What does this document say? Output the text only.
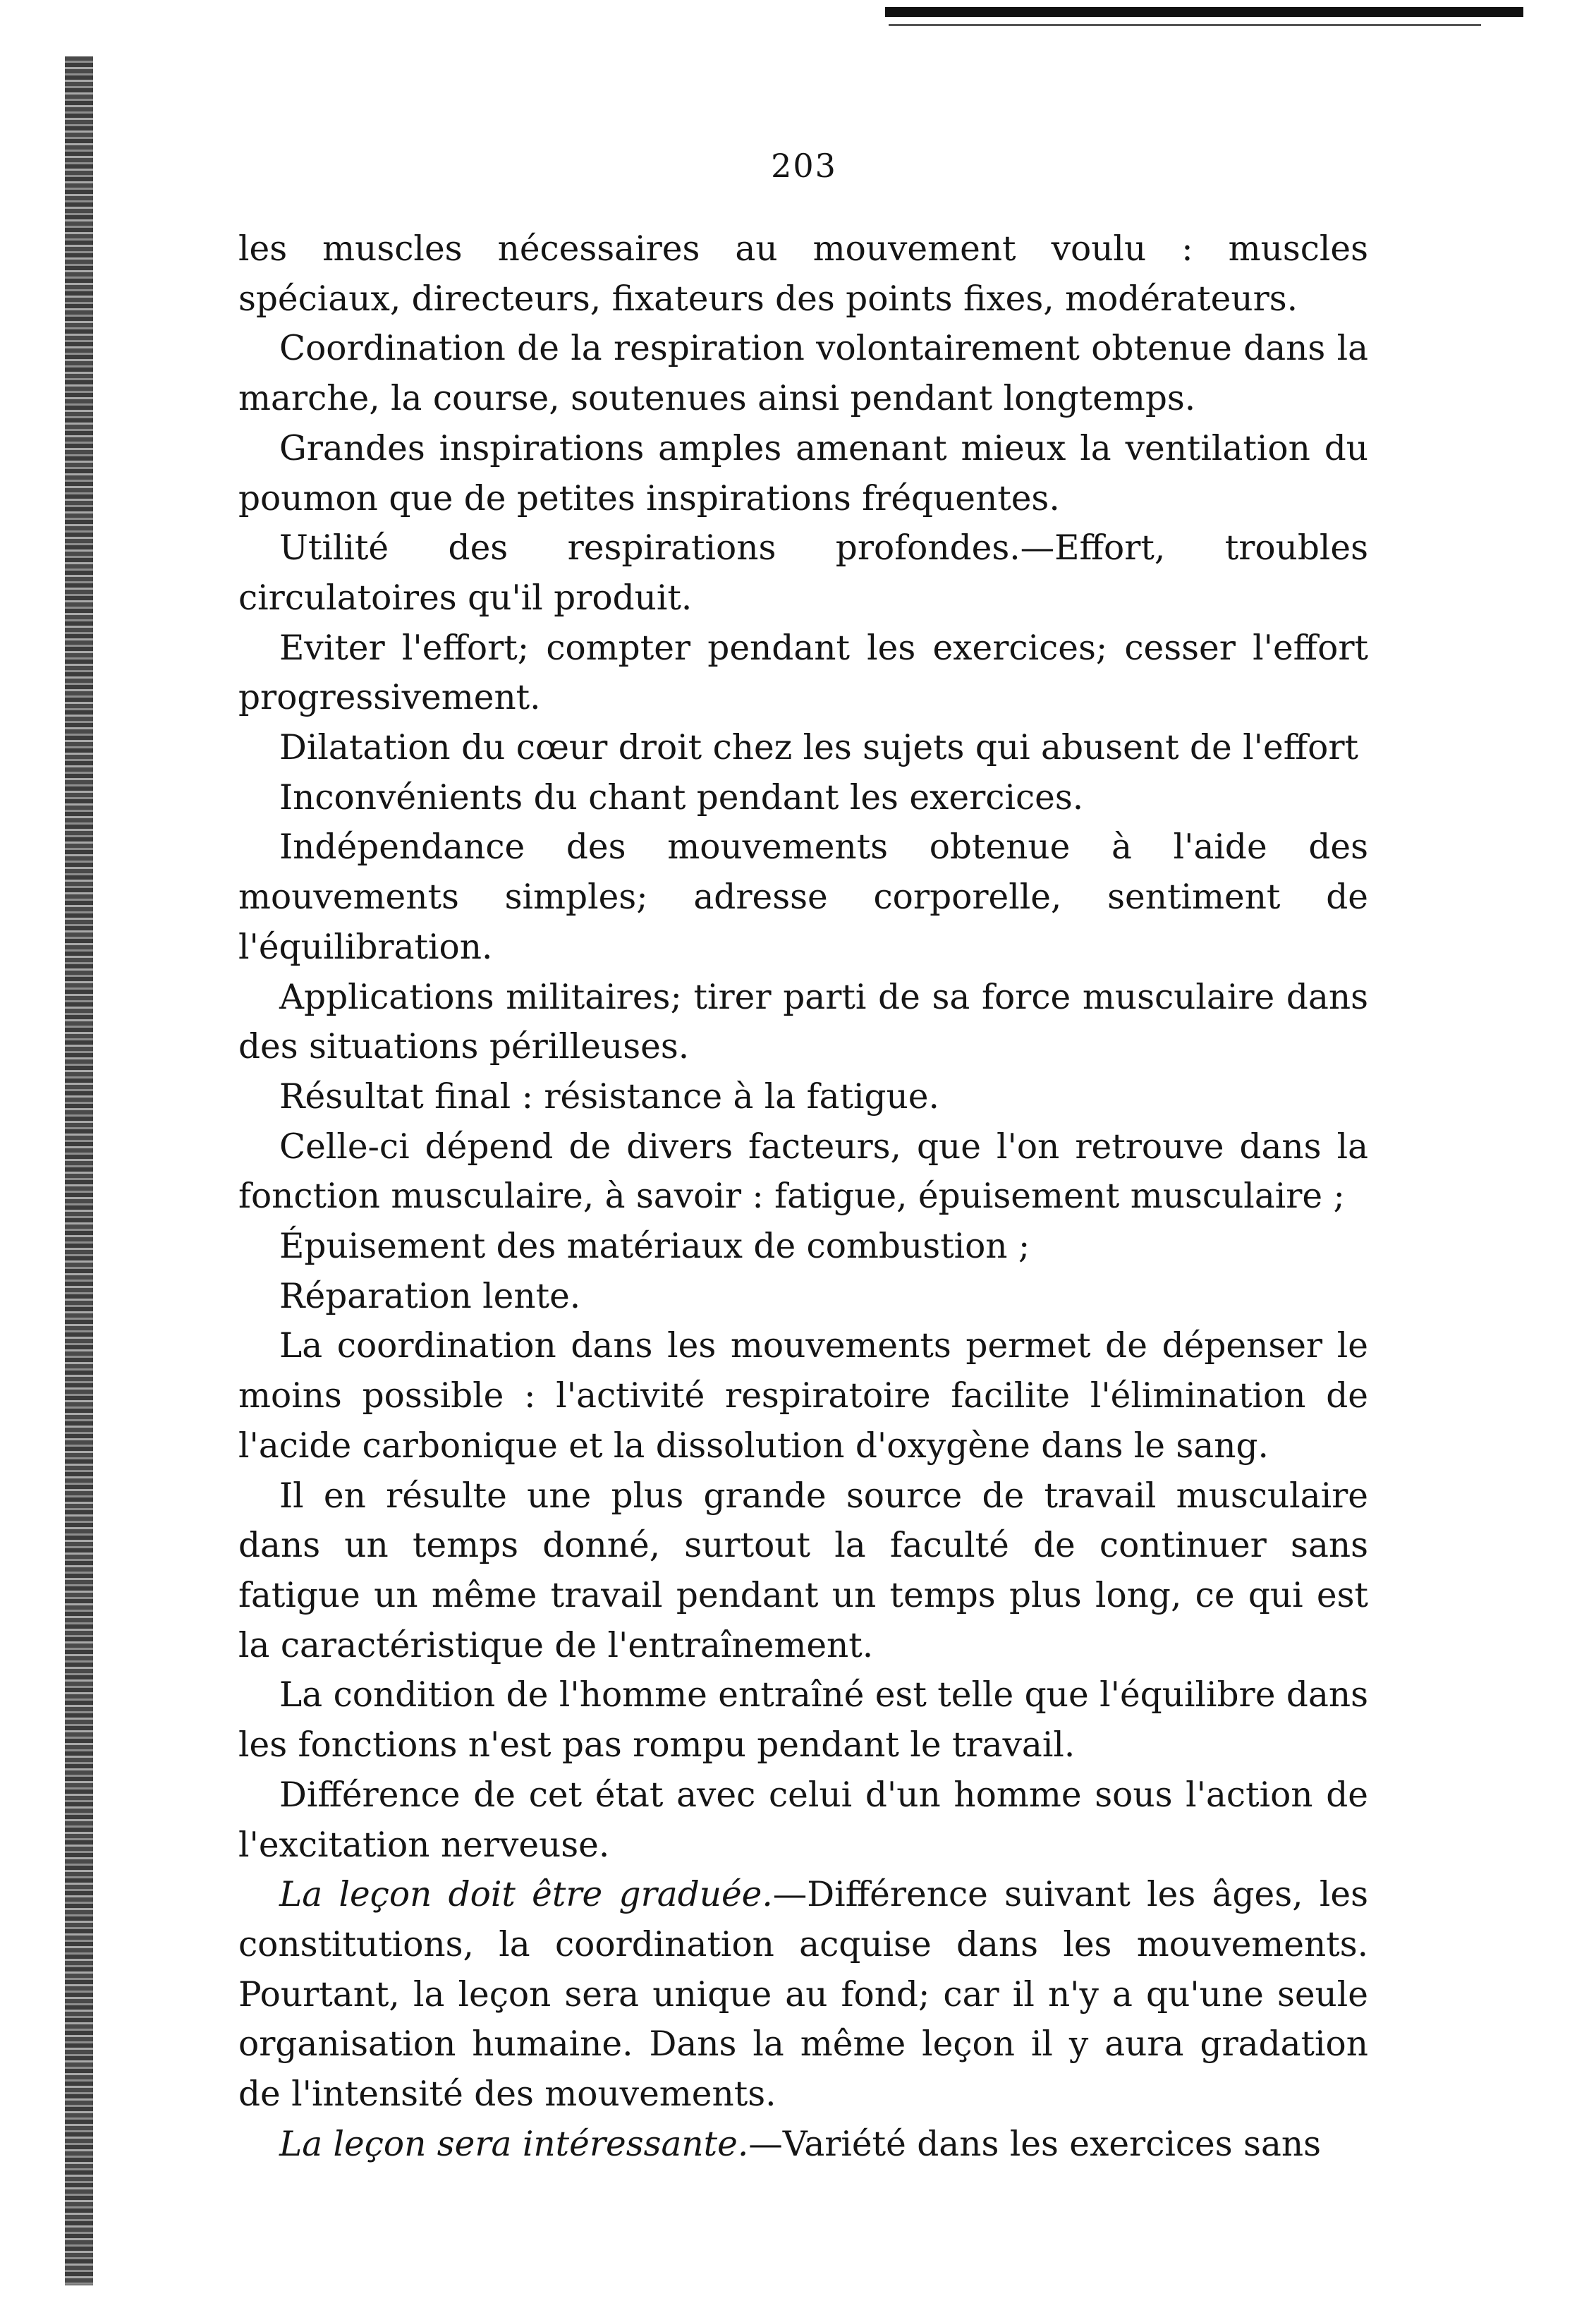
203

les muscles nécessaires au mouvement voulu : muscles spéciaux, directeurs, fixateurs des points fixes, modérateurs.

Coordination de la respiration volontairement obtenue dans la marche, la course, soutenues ainsi pendant longtemps.

Grandes inspirations amples amenant mieux la ventilation du poumon que de petites inspirations fréquentes.

Utilité des respirations profondes.—Effort, troubles circulatoires qu'il produit.

Eviter l'effort; compter pendant les exercices; cesser l'effort progressivement.

Dilatation du cœur droit chez les sujets qui abusent de l'effort

Inconvénients du chant pendant les exercices.

Indépendance des mouvements obtenue à l'aide des mouvements simples; adresse corporelle, sentiment de l'équilibration.

Applications militaires; tirer parti de sa force musculaire dans des situations périlleuses.

Résultat final : résistance à la fatigue.

Celle-ci dépend de divers facteurs, que l'on retrouve dans la fonction musculaire, à savoir : fatigue, épuisement musculaire ;

Épuisement des matériaux de combustion ;

Réparation lente.

La coordination dans les mouvements permet de dépenser le moins possible : l'activité respiratoire facilite l'élimination de l'acide carbonique et la dissolution d'oxygène dans le sang.

Il en résulte une plus grande source de travail musculaire dans un temps donné, surtout la faculté de continuer sans fatigue un même travail pendant un temps plus long, ce qui est la caractéristique de l'entraînement.

La condition de l'homme entraîné est telle que l'équilibre dans les fonctions n'est pas rompu pendant le travail.

Différence de cet état avec celui d'un homme sous l'action de l'excitation nerveuse.

La leçon doit être graduée.—Différence suivant les âges, les constitutions, la coordination acquise dans les mouvements. Pourtant, la leçon sera unique au fond; car il n'y a qu'une seule organisation humaine. Dans la même leçon il y aura gradation de l'intensité des mouvements.

La leçon sera intéressante.—Variété dans les exercices sans
